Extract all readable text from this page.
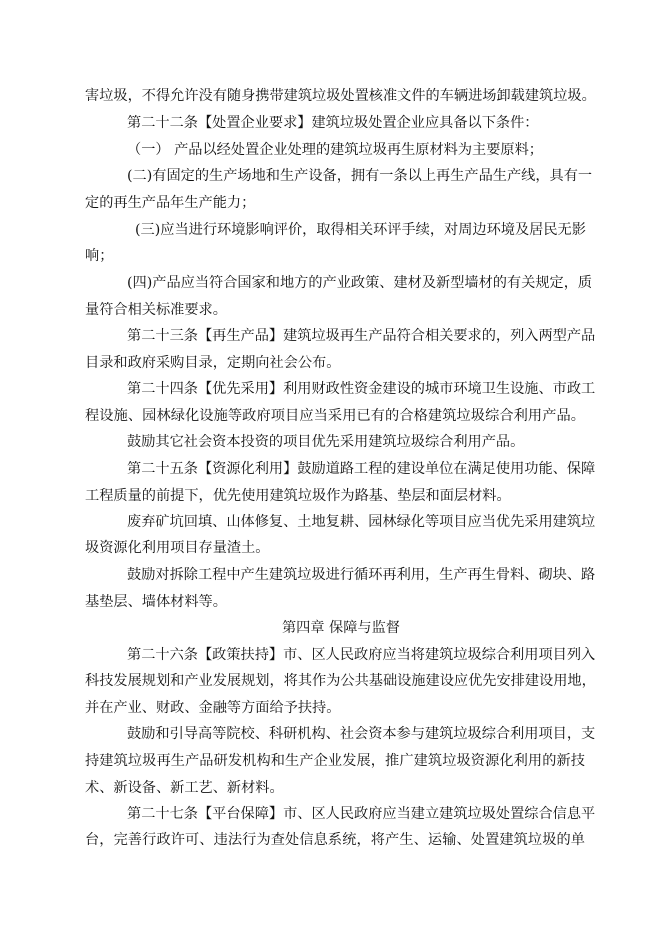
害垃圾，不得允许没有随身携带建筑垃圾处置核准文件的车辆进场卸载建筑垃圾。
第二十二条【处置企业要求】建筑垃圾处置企业应具备以下条件：
（一） 产品以经处置企业处理的建筑垃圾再生原材料为主要原料；
(二)有固定的生产场地和生产设备，拥有一条以上再生产品生产线，具有一
定的再生产品年生产能力；
(三)应当进行环境影响评价，取得相关环评手续，对周边环境及居民无影
响；
(四)产品应当符合国家和地方的产业政策、建材及新型墙材的有关规定，质
量符合相关标准要求。
第二十三条【再生产品】建筑垃圾再生产品符合相关要求的，列入两型产品
目录和政府采购目录，定期向社会公布。
第二十四条【优先采用】利用财政性资金建设的城市环境卫生设施、市政工
程设施、园林绿化设施等政府项目应当采用已有的合格建筑垃圾综合利用产品。
鼓励其它社会资本投资的项目优先采用建筑垃圾综合利用产品。
第二十五条【资源化利用】鼓励道路工程的建设单位在满足使用功能、保障
工程质量的前提下，优先使用建筑垃圾作为路基、垫层和面层材料。
废弃矿坑回填、山体修复、土地复耕、园林绿化等项目应当优先采用建筑垃
圾资源化利用项目存量渣土。
鼓励对拆除工程中产生建筑垃圾进行循环再利用，生产再生骨料、砌块、路
基垫层、墙体材料等。
第四章 保障与监督
第二十六条【政策扶持】市、区人民政府应当将建筑垃圾综合利用项目列入
科技发展规划和产业发展规划，将其作为公共基础设施建设应优先安排建设用地，
并在产业、财政、金融等方面给予扶持。
鼓励和引导高等院校、科研机构、社会资本参与建筑垃圾综合利用项目，支
持建筑垃圾再生产品研发机构和生产企业发展，推广建筑垃圾资源化利用的新技
术、新设备、新工艺、新材料。
第二十七条【平台保障】市、区人民政府应当建立建筑垃圾处置综合信息平
台，完善行政许可、违法行为查处信息系统，将产生、运输、处置建筑垃圾的单
